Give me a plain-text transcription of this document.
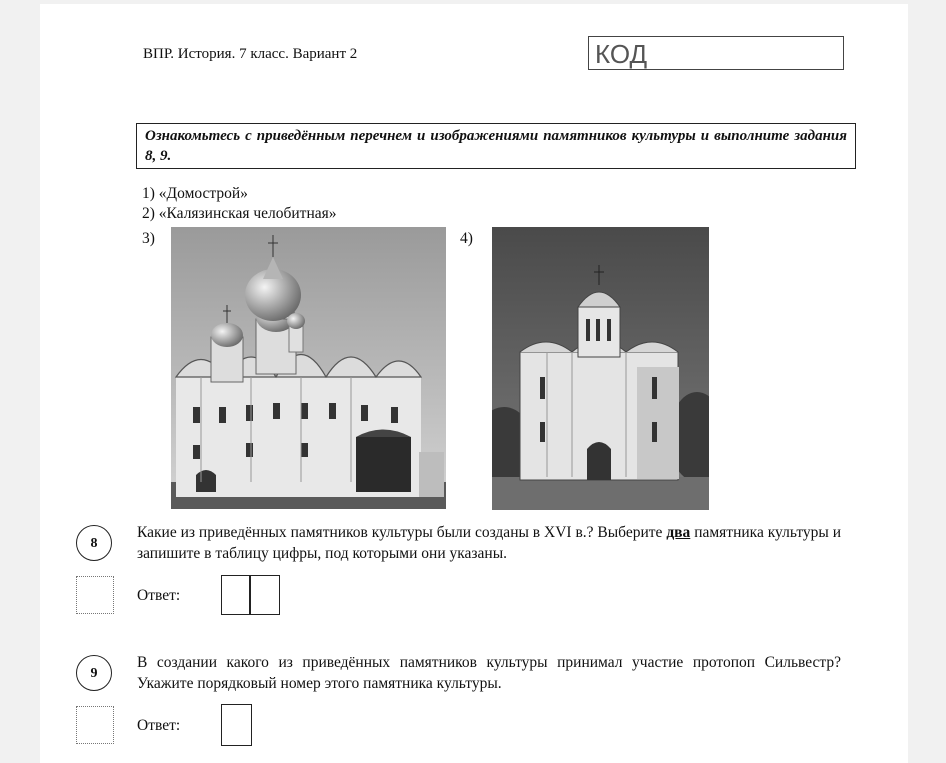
ВПР. История. 7 класс. Вариант 2	КОД
Ознакомьтесь с приведённым перечнем и изображениями памятников культуры и выполните задания 8, 9.
1) «Домострой»
2) «Калязинская челобитная»
3)	4)
8
Какие из приведённых памятников культуры были созданы в XVI в.? Выберите два памятника культуры и запишите в таблицу цифры, под которыми они указаны.
Ответ:
9
В создании какого из приведённых памятников культуры принимал участие протопоп Сильвестр? Укажите порядковый номер этого памятника культуры.
Ответ:
